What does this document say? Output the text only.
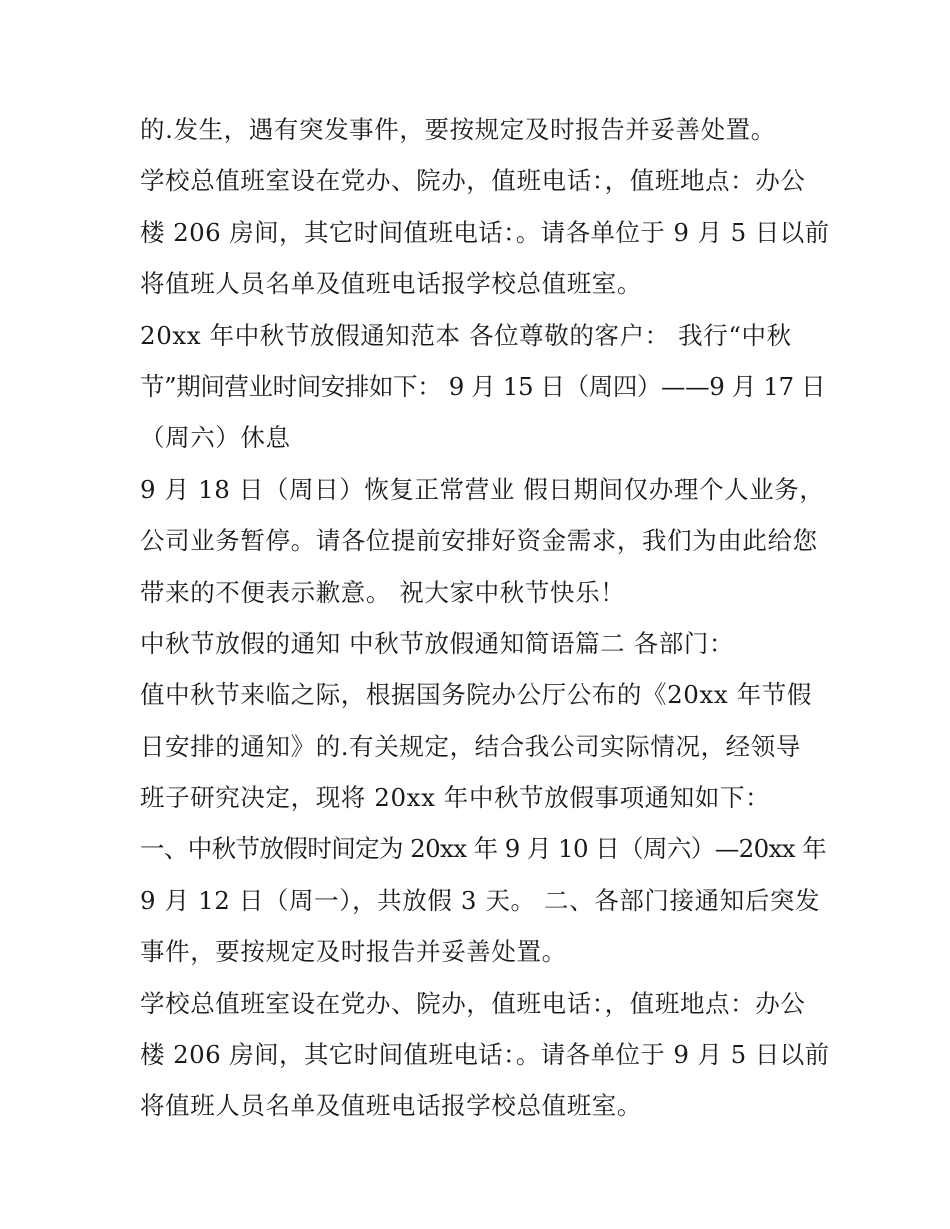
的.发生，遇有突发事件，要按规定及时报告并妥善处置。
学校总值班室设在党办、院办，值班电话：，值班地点：办公
楼 206 房间，其它时间值班电话：。请各单位于 9 月 5 日以前
将值班人员名单及值班电话报学校总值班室。
20xx 年中秋节放假通知范本 各位尊敬的客户： 我行“中秋
节”期间营业时间安排如下： 9 月 15 日（周四）——9 月 17 日
（周六）休息
9 月 18 日（周日）恢复正常营业 假日期间仅办理个人业务，
公司业务暂停。请各位提前安排好资金需求，我们为由此给您
带来的不便表示歉意。 祝大家中秋节快乐！
中秋节放假的通知 中秋节放假通知简语篇二 各部门：
值中秋节来临之际，根据国务院办公厅公布的《20xx 年节假
日安排的通知》的.有关规定，结合我公司实际情况，经领导
班子研究决定，现将 20xx 年中秋节放假事项通知如下：
一、中秋节放假时间定为 20xx 年 9 月 10 日（周六）—20xx 年
9 月 12 日（周一），共放假 3 天。 二、各部门接通知后突发
事件，要按规定及时报告并妥善处置。
学校总值班室设在党办、院办，值班电话：，值班地点：办公
楼 206 房间，其它时间值班电话：。请各单位于 9 月 5 日以前
将值班人员名单及值班电话报学校总值班室。
